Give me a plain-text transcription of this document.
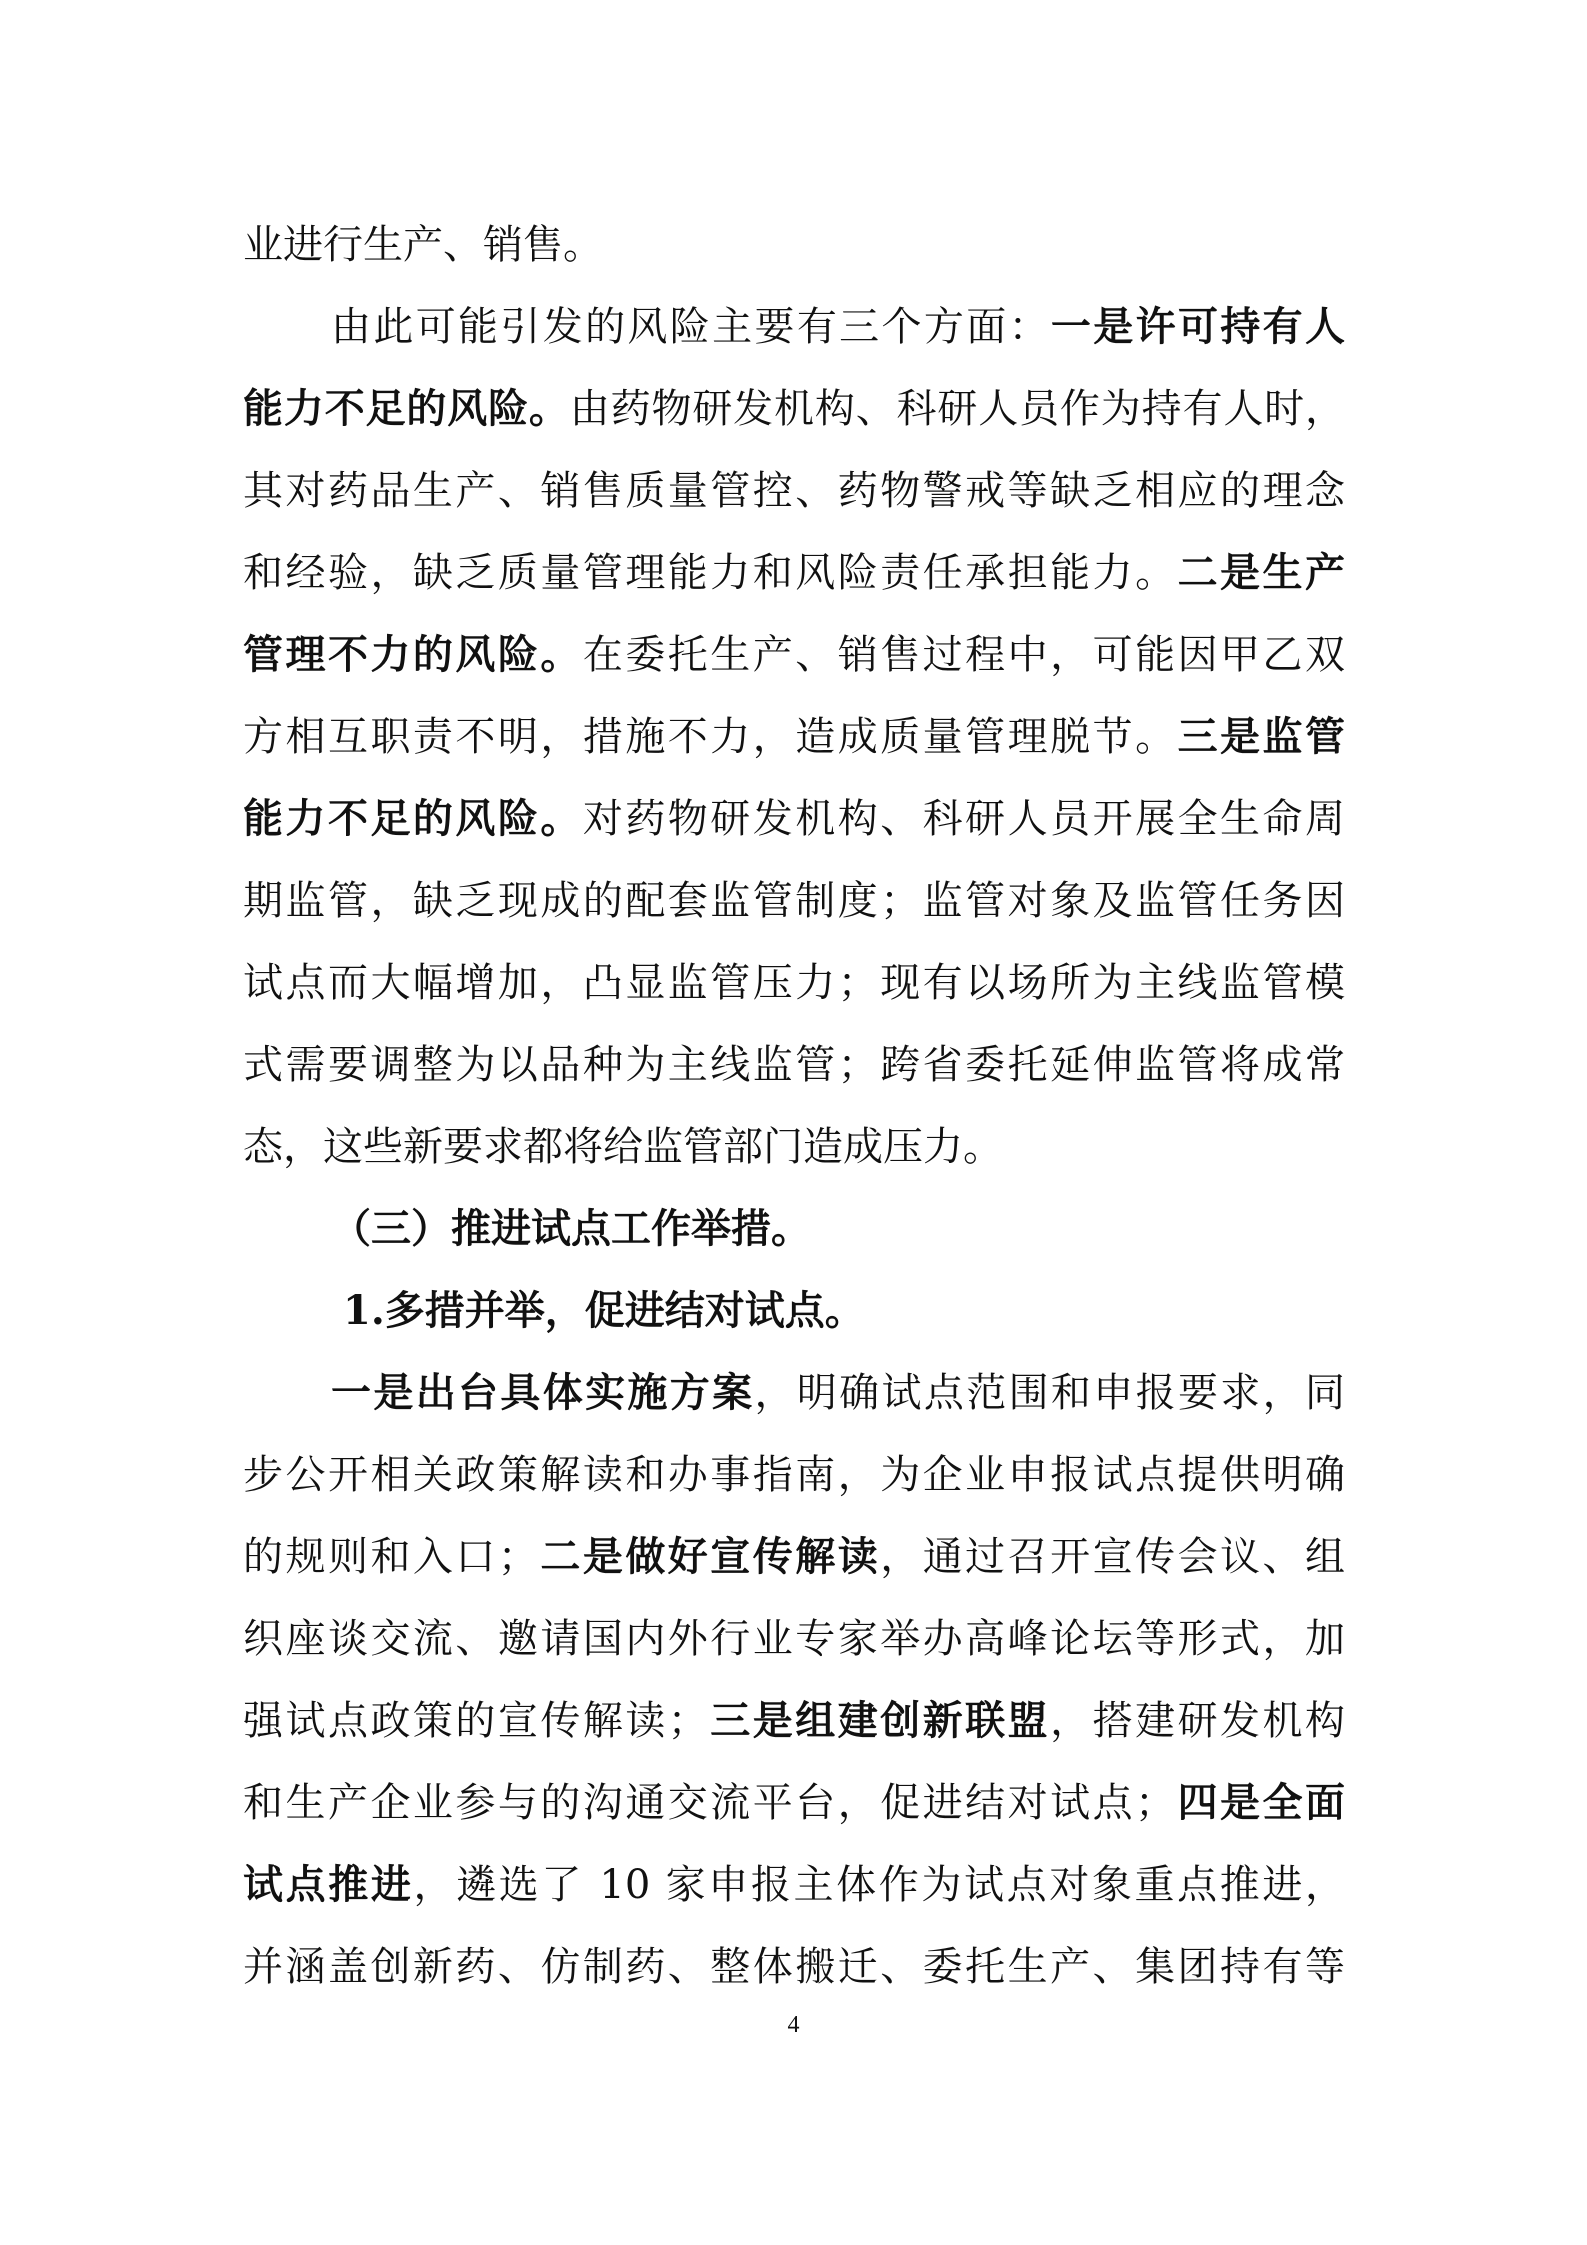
业进行生产、销售。
由此可能引发的风险主要有三个方面：一是许可持有人
能力不足的风险。由药物研发机构、科研人员作为持有人时，
其对药品生产、销售质量管控、药物警戒等缺乏相应的理念
和经验，缺乏质量管理能力和风险责任承担能力。二是生产
管理不力的风险。在委托生产、销售过程中，可能因甲乙双
方相互职责不明，措施不力，造成质量管理脱节。三是监管
能力不足的风险。对药物研发机构、科研人员开展全生命周
期监管，缺乏现成的配套监管制度；监管对象及监管任务因
试点而大幅增加，凸显监管压力；现有以场所为主线监管模
式需要调整为以品种为主线监管；跨省委托延伸监管将成常
态，这些新要求都将给监管部门造成压力。
（三）推进试点工作举措。
1.多措并举，促进结对试点。
一是出台具体实施方案，明确试点范围和申报要求，同
步公开相关政策解读和办事指南，为企业申报试点提供明确
的规则和入口；二是做好宣传解读，通过召开宣传会议、组
织座谈交流、邀请国内外行业专家举办高峰论坛等形式，加
强试点政策的宣传解读；三是组建创新联盟，搭建研发机构
和生产企业参与的沟通交流平台，促进结对试点；四是全面
试点推进，遴选了 10 家申报主体作为试点对象重点推进，
并涵盖创新药、仿制药、整体搬迁、委托生产、集团持有等
4
